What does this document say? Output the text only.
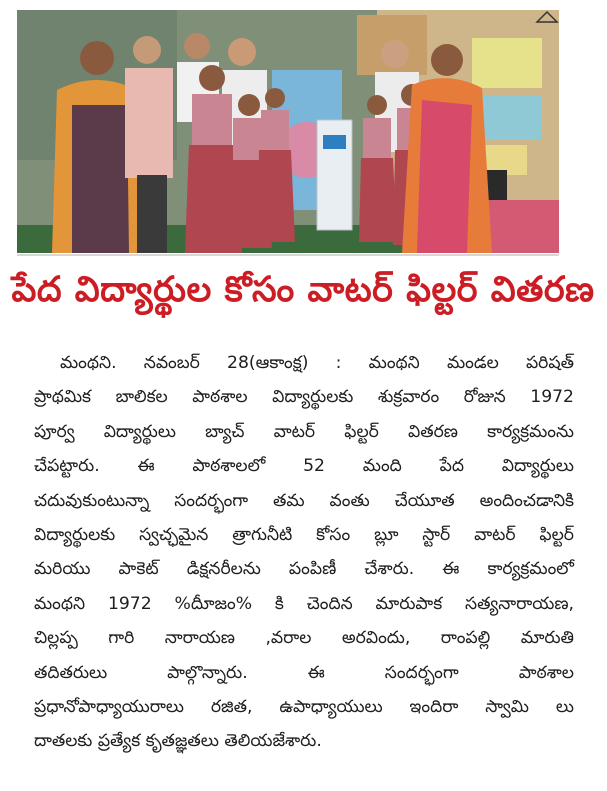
పేద విద్యార్థుల కోసం వాటర్ ఫిల్టర్ వితరణ
మంథని. నవంబర్ 28(ఆకాంక్ష) : మంథని మండల పరిషత్
ప్రాథమిక బాలికల పాఠశాల విద్యార్థులకు శుక్రవారం రోజున 1972
పూర్వ విద్యార్థులు బ్యాచ్ వాటర్ ఫిల్టర్ వితరణ కార్యక్రమంను
చేపట్టారు. ఈ పాఠశాలలో 52 మంది పేద విద్యార్థులు
చదువుకుంటున్నా సందర్భంగా తమ వంతు చేయూత అందించడానికి
విద్యార్థులకు స్వచ్ఛమైన త్రాగునీటి కోసం బ్లూ స్టార్ వాటర్ ఫిల్టర్
మరియు పాకెట్ డిక్షనరీలను పంపిణీ చేశారు. ఈ కార్యక్రమంలో
మంథని 1972 %దీూజం% కి చెందిన మారుపాక సత్యనారాయణ,
చిల్లప్ప గారి నారాయణ ,వరాల అరవిందు, రాంపల్లి మారుతి
తదితరులు పాల్గొన్నారు. ఈ సందర్భంగా పాఠశాల
ప్రధానోపాధ్యాయురాలు రజిత, ఉపాధ్యాయులు ఇందిరా స్వామి లు
దాతలకు ప్రత్యేక కృతజ్ఞతలు తెలియజేశారు.
